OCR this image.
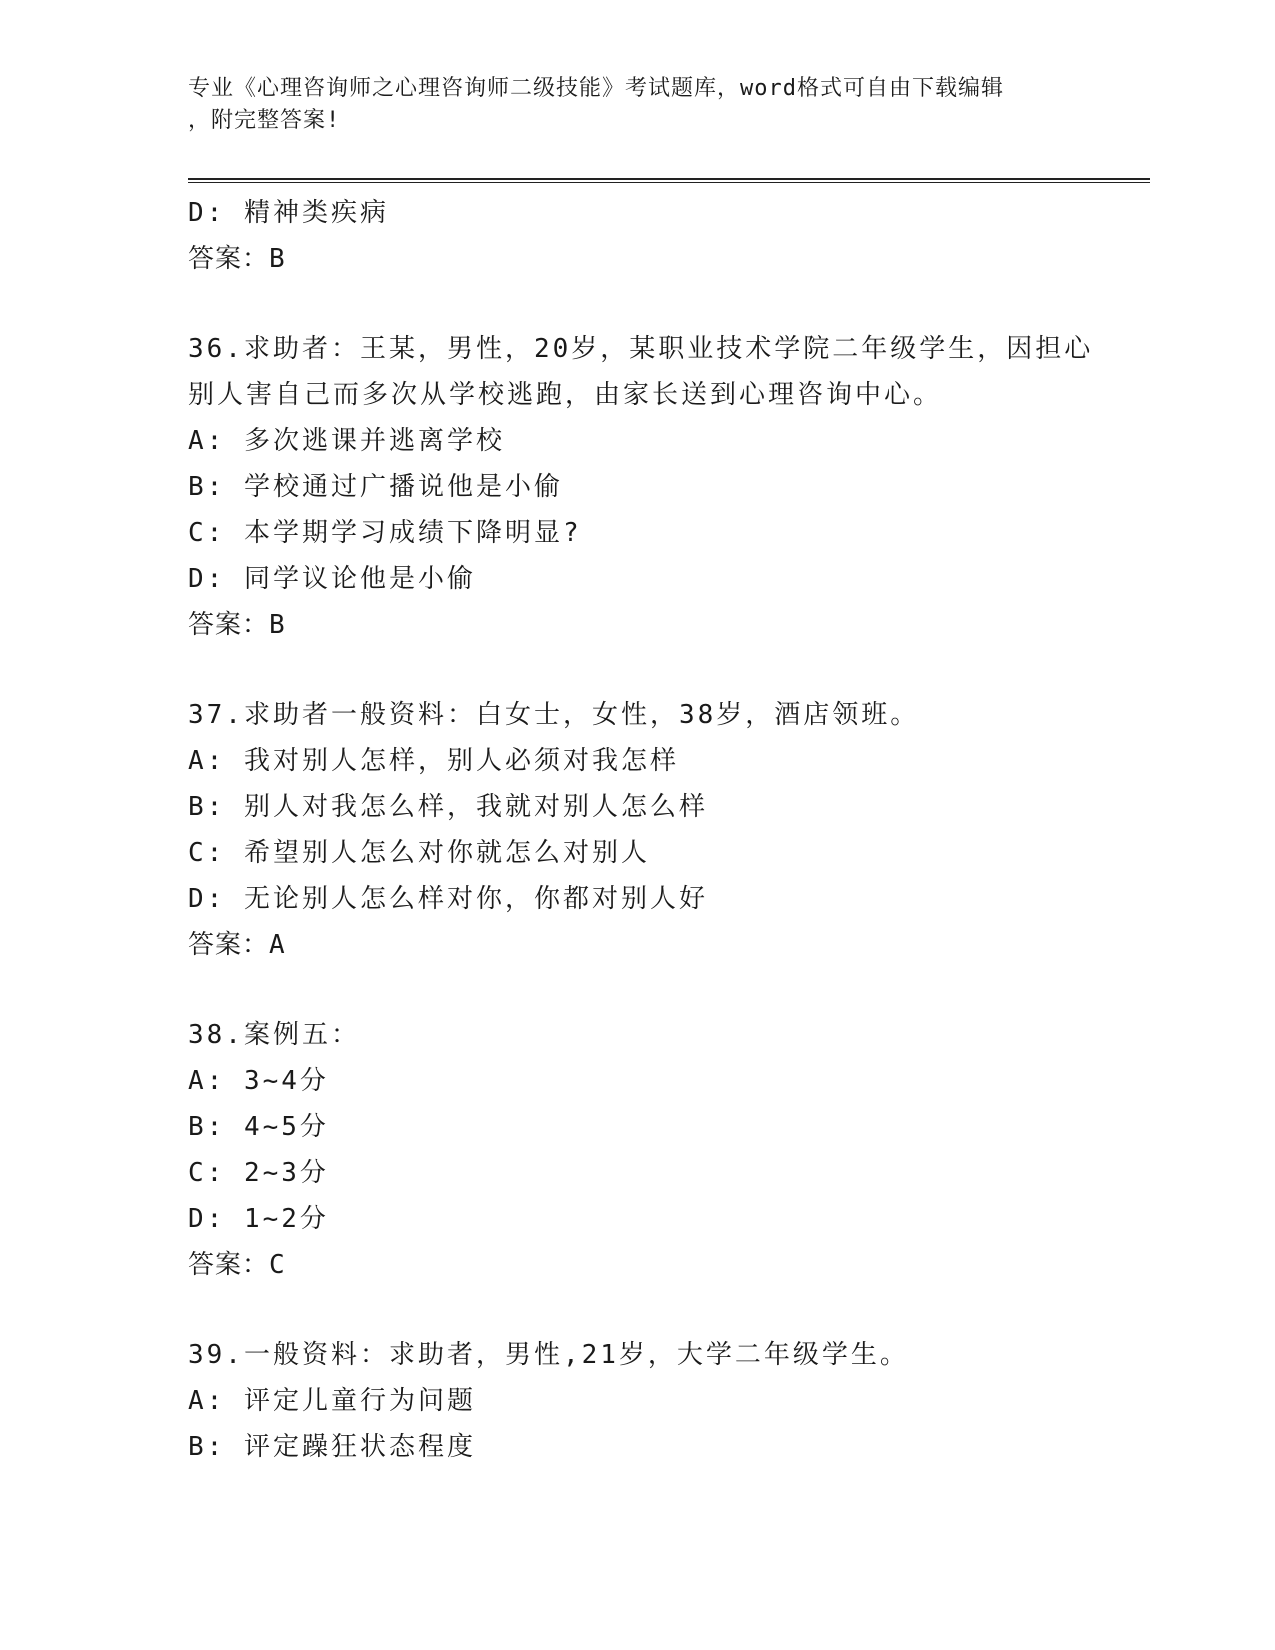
专业《心理咨询师之心理咨询师二级技能》考试题库，word格式可自由下载编辑
，附完整答案!
D: 精神类疾病
答案：B
36.求助者：王某，男性，20岁，某职业技术学院二年级学生，因担心
别人害自己而多次从学校逃跑，由家长送到心理咨询中心。
A: 多次逃课并逃离学校
B: 学校通过广播说他是小偷
C: 本学期学习成绩下降明显?
D: 同学议论他是小偷
答案：B
37.求助者一般资料：白女士，女性，38岁，酒店领班。
A: 我对别人怎样，别人必须对我怎样
B: 别人对我怎么样，我就对别人怎么样
C: 希望别人怎么对你就怎么对别人
D: 无论别人怎么样对你，你都对别人好
答案：A
38.案例五：
A: 3~4分
B: 4~5分
C: 2~3分
D: 1~2分
答案：C
39.一般资料：求助者，男性,21岁，大学二年级学生。
A: 评定儿童行为问题
B: 评定躁狂状态程度
